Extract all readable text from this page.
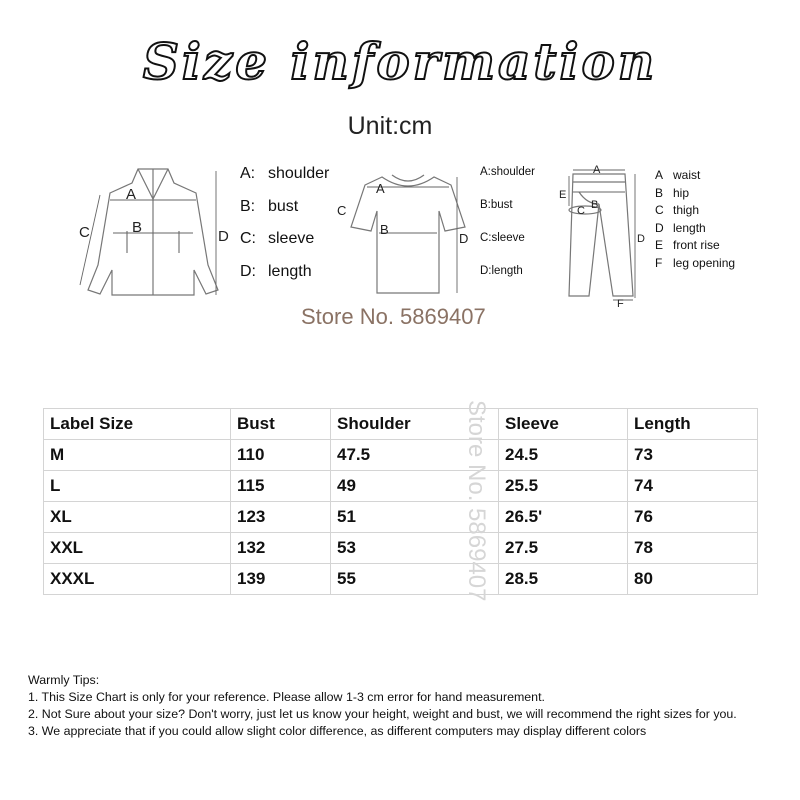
Size information
Unit:cm
A
B
C	D
A: shoulder
B: bust
C: sleeve
D: length
A
B
C
D
A: shoulder
B: bust
C: sleeve
D: length
A
B
C
D
E
F
A waist
B hip
C thigh
D length
E front rise
F leg opening
Store No. 5869407
Label Size	Bust	Shoulder	Sleeve	Length
M	110	47.5	24.5	73
L	115	49	25.5	74
XL	123	51	26.5'	76
XXL	132	53	27.5	78
XXXL	139	55	28.5	80
Store No. 5869407
Warmly Tips:
1. This Size Chart is only for your reference. Please allow 1-3 cm error for hand measurement.
2. Not Sure about your size? Don't worry, just let us know your height, weight and bust, we will recommend the right sizes for you.
3. We appreciate that if you could allow slight color difference, as different computers may display different colors
